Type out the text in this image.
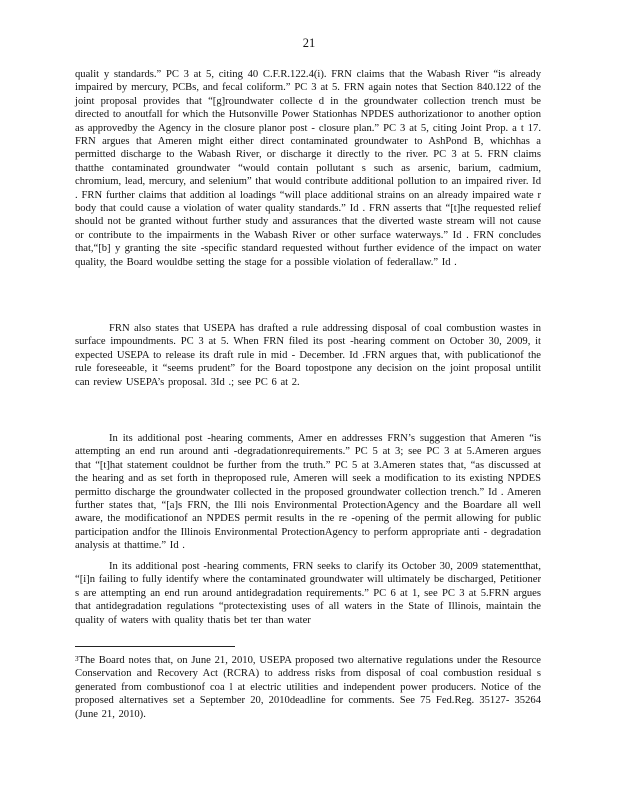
21

qualit y standards.” PC 3 at 5, citing 40 C.F.R.122.4(i). FRN claims that the Wabash River “is already impaired by mercury, PCBs, and fecal coliform.” PC 3 at 5. FRN again notes that Section 840.122 of the joint proposal provides that “[g]roundwater collecte d in the groundwater collection trench must be directed to anoutfall for which the Hutsonville Power Stationhas NPDES authorizationor to another option as approvedby the Agency in the closure planor post - closure plan.” PC 3 at 5, citing Joint Prop. a t 17. FRN argues that Ameren might either direct contaminated groundwater to AshPond B, whichhas a permitted discharge to the Wabash River, or discharge it directly to the river. PC 3 at 5. FRN claims thatthe contaminated groundwater “would contain pollutant s such as arsenic, barium, cadmium, chromium, lead, mercury, and selenium” that would contribute additional pollution to an impaired river. Id . FRN further claims that addition al loadings “will place additional strains on an already impaired wate r body that could cause a violation of water quality standards.” Id . FRN asserts that “[t]he requested relief should not be granted without further study and assurances that the diverted waste stream will not cause or contribute to the impairments in the Wabash River or other surface waterways.” Id . FRN concludes that,“[b] y granting the site -specific standard requested without further evidence of the impact on water quality, the Board wouldbe setting the stage for a possible violation of federallaw.” Id .

FRN also states that USEPA has drafted a rule addressing disposal of coal combustion wastes in surface impoundments. PC 3 at 5. When FRN filed its post -hearing comment on October 30, 2009, it expected USEPA to release its draft rule in mid - December. Id .FRN argues that, with publicationof the rule foreseeable, it “seems prudent” for the Board topostpone any decision on the joint proposal untilit can review USEPA’s proposal. 3Id .; see PC 6 at 2.

In its additional post -hearing comments, Amer en addresses FRN’s suggestion that Ameren “is attempting an end run around anti -degradationrequirements.” PC 5 at 3; see PC 3 at 5.Ameren argues that “[t]hat statement couldnot be further from the truth.” PC 5 at 3.Ameren states that, “as discussed at the hearing and as set forth in theproposed rule, Ameren will seek a modification to its existing NPDES permitto discharge the groundwater collected in the proposed groundwater collection trench.” Id . Ameren further states that, “[a]s FRN, the Illi nois Environmental ProtectionAgency and the Boardare all well aware, the modificationof an NPDES permit results in the re -opening of the permit allowing for public participation andfor the Illinois Environmental ProtectionAgency to perform appropriate anti - degradation analysis at thattime.” Id .

In its additional post -hearing comments, FRN seeks to clarify its October 30, 2009 statementthat, “[i]n failing to fully identify where the contaminated groundwater will ultimately be discharged, Petitioner s are attempting an end run around antidegradation requirements.” PC 6 at 1, see PC 3 at 5.FRN argues that antidegradation regulations “protectexisting uses of all waters in the State of Illinois, maintain the quality of waters with quality thatis bet ter than water

$^3$The Board notes that, on June 21, 2010, USEPA proposed two alternative regulations under the Resource Conservation and Recovery Act (RCRA) to address risks from disposal of coal combustion residual s generated from combustionof coa l at electric utilities and independent power producers. Notice of the proposed alternatives set a September 20, 2010deadline for comments. See 75 Fed.Reg. 35127- 35264 (June 21, 2010).
